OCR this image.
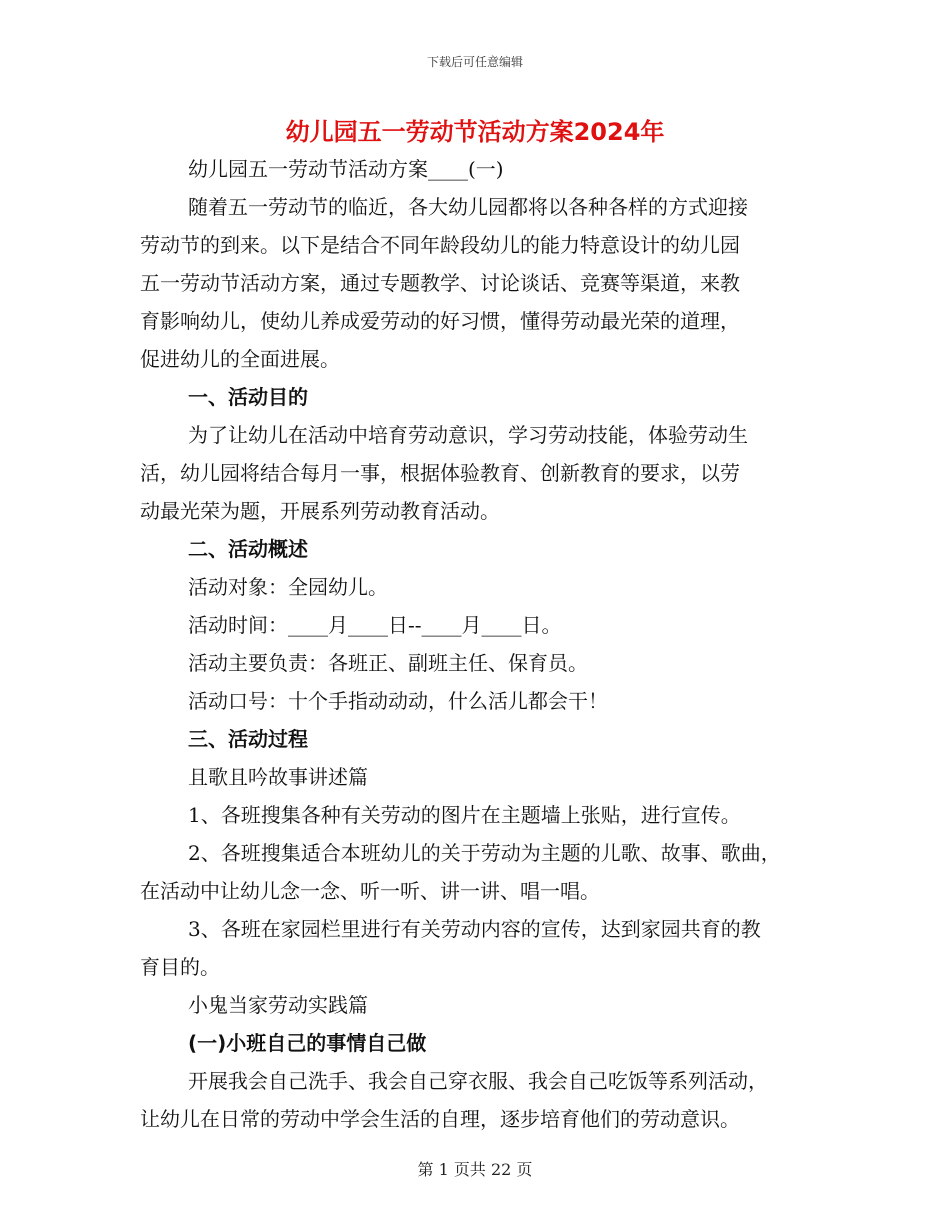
下载后可任意编辑
幼儿园五一劳动节活动方案2024年
幼儿园五一劳动节活动方案____(一)
随着五一劳动节的临近，各大幼儿园都将以各种各样的方式迎接
劳动节的到来。以下是结合不同年龄段幼儿的能力特意设计的幼儿园
五一劳动节活动方案，通过专题教学、讨论谈话、竞赛等渠道，来教
育影响幼儿，使幼儿养成爱劳动的好习惯，懂得劳动最光荣的道理，
促进幼儿的全面进展。
一、活动目的
为了让幼儿在活动中培育劳动意识，学习劳动技能，体验劳动生
活，幼儿园将结合每月一事，根据体验教育、创新教育的要求，以劳
动最光荣为题，开展系列劳动教育活动。
二、活动概述
活动对象：全园幼儿。
活动时间：____月____日--____月____日。
活动主要负责：各班正、副班主任、保育员。
活动口号：十个手指动动动，什么活儿都会干！
三、活动过程
且歌且吟故事讲述篇
1、各班搜集各种有关劳动的图片在主题墙上张贴，进行宣传。
2、各班搜集适合本班幼儿的关于劳动为主题的儿歌、故事、歌曲，
在活动中让幼儿念一念、听一听、讲一讲、唱一唱。
3、各班在家园栏里进行有关劳动内容的宣传，达到家园共育的教
育目的。
小鬼当家劳动实践篇
(一)小班自己的事情自己做
开展我会自己洗手、我会自己穿衣服、我会自己吃饭等系列活动，
让幼儿在日常的劳动中学会生活的自理，逐步培育他们的劳动意识。
第 1 页共 22 页
